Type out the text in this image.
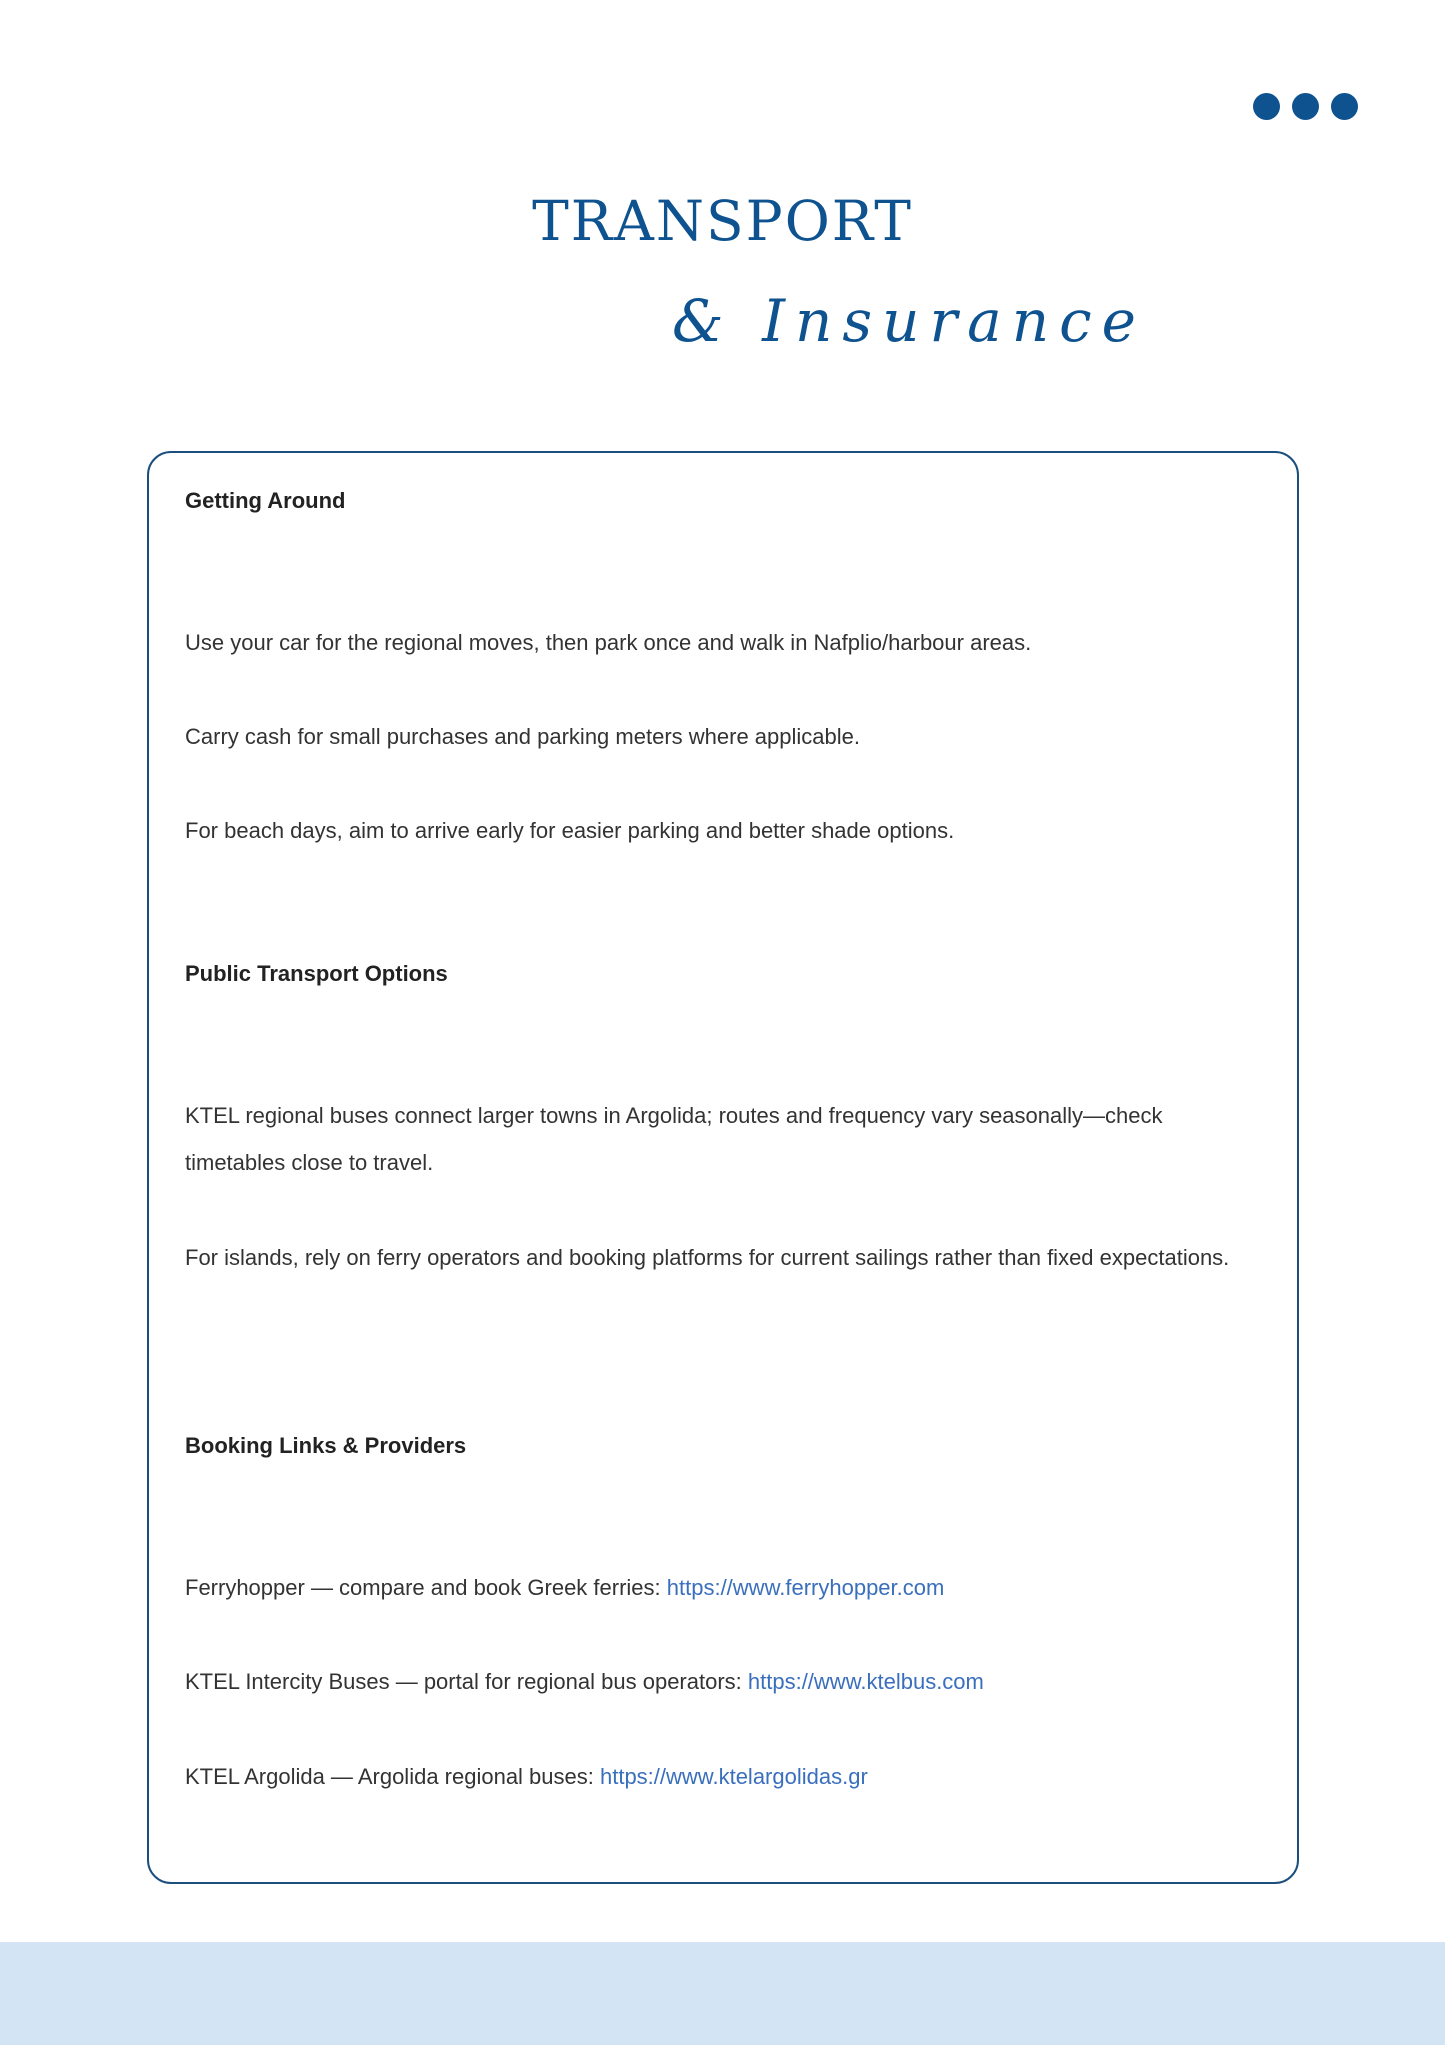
TRANSPORT
& Insurance
Getting Around
Use your car for the regional moves, then park once and walk in Nafplio/harbour areas.
Carry cash for small purchases and parking meters where applicable.
For beach days, aim to arrive early for easier parking and better shade options.
Public Transport Options
KTEL regional buses connect larger towns in Argolida; routes and frequency vary seasonally—check timetables close to travel.
For islands, rely on ferry operators and booking platforms for current sailings rather than fixed expectations.
Booking Links & Providers
Ferryhopper — compare and book Greek ferries: https://www.ferryhopper.com
KTEL Intercity Buses — portal for regional bus operators: https://www.ktelbus.com
KTEL Argolida — Argolida regional buses: https://www.ktelargolidas.gr
